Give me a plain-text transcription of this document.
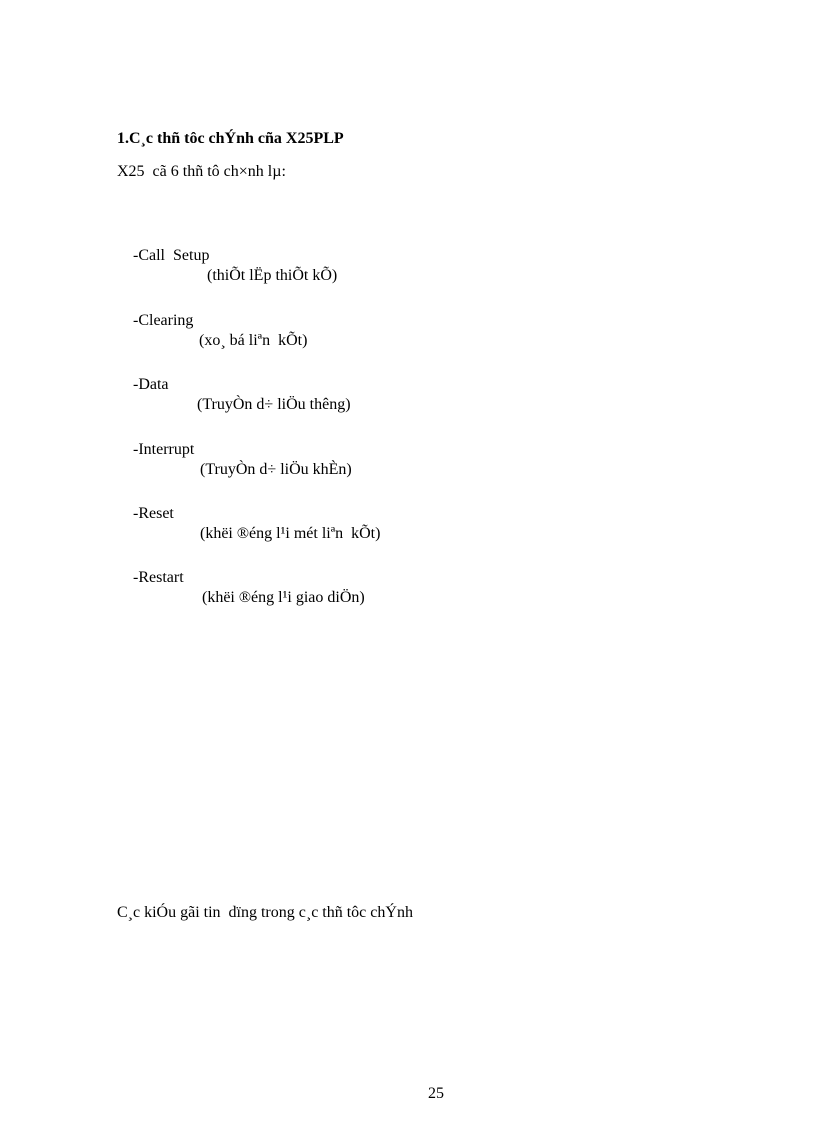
1.C¸c thñ tôc chÝnh cña X25PLP
X25  cã 6 thñ tô ch×nh lµ:

-Call  Setup

(thiÕt lËp thiÕt kÕ)

-Clearing

(xo¸ bá liªn  kÕt)

-Data

(TruyÒn d÷ liÖu thêng)

-Interrupt

(TruyÒn d÷ liÖu khÈn)

-Reset

(khëi ®éng l¹i mét liªn  kÕt)

-Restart

(khëi ®éng l¹i giao diÖn)

C¸c kiÓu gãi tin  dïng trong c¸c thñ tôc chÝnh
25
